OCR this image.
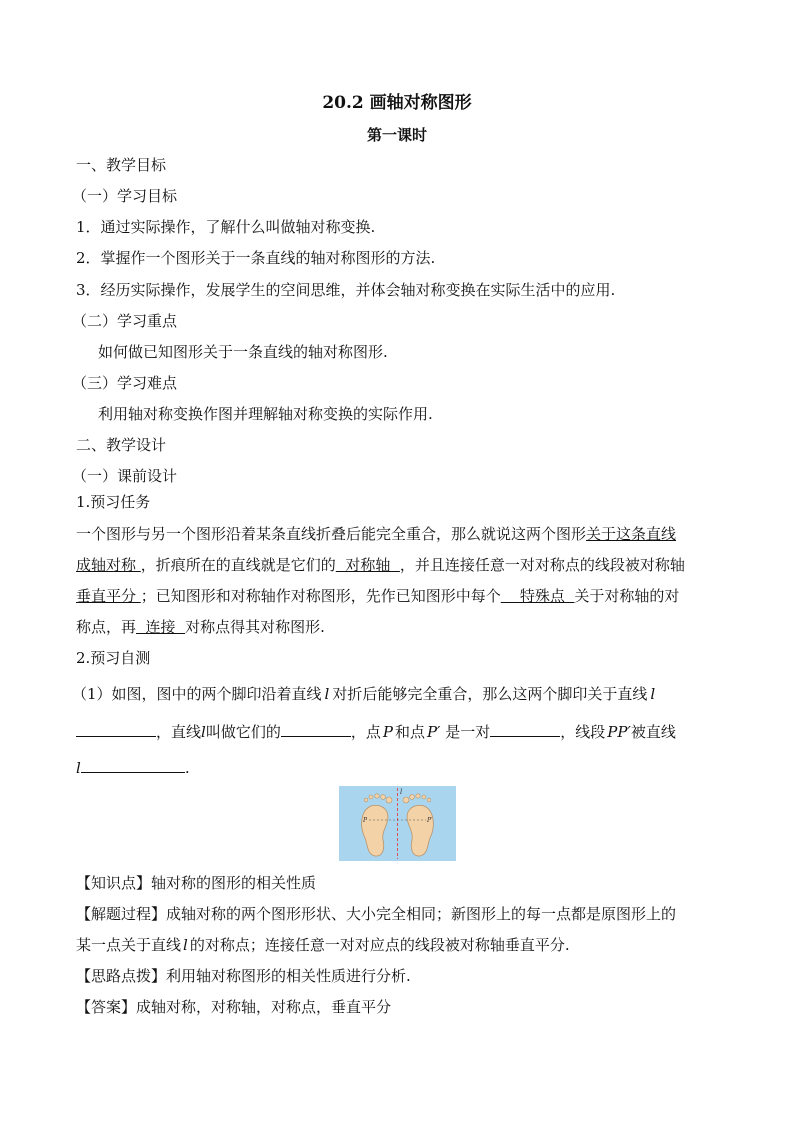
20.2 画轴对称图形
第一课时
一、教学目标
（一）学习目标
1．通过实际操作，了解什么叫做轴对称变换.
2．掌握作一个图形关于一条直线的轴对称图形的方法.
3．经历实际操作，发展学生的空间思维，并体会轴对称变换在实际生活中的应用.
（二）学习重点
如何做已知图形关于一条直线的轴对称图形.
（三）学习难点
利用轴对称变换作图并理解轴对称变换的实际作用.
二、教学设计
（一）课前设计
1.预习任务
一个图形与另一个图形沿着某条直线折叠后能完全重合，那么就说这两个图形关于这条直线
成轴对称 ，折痕所在的直线就是它们的  对称轴  ，并且连接任意一对对称点的线段被对称轴
垂直平分 ；已知图形和对称轴作对称图形，先作已知图形中每个    特殊点  关于对称轴的对
称点，再  连接  对称点得其对称图形.
2.预习自测
（1）如图，图中的两个脚印沿着直线 l 对折后能够完全重合，那么这两个脚印关于直线 l
，直线l叫做它们的	，点 P 和点 P′ 是一对	，线段 PP′被直线
l	.
l
P	P′
【知识点】轴对称的图形的相关性质
【解题过程】成轴对称的两个图形形状、大小完全相同；新图形上的每一点都是原图形上的
某一点关于直线 l 的对称点；连接任意一对对应点的线段被对称轴垂直平分.
【思路点拨】利用轴对称图形的相关性质进行分析.
【答案】成轴对称，对称轴，对称点，垂直平分
